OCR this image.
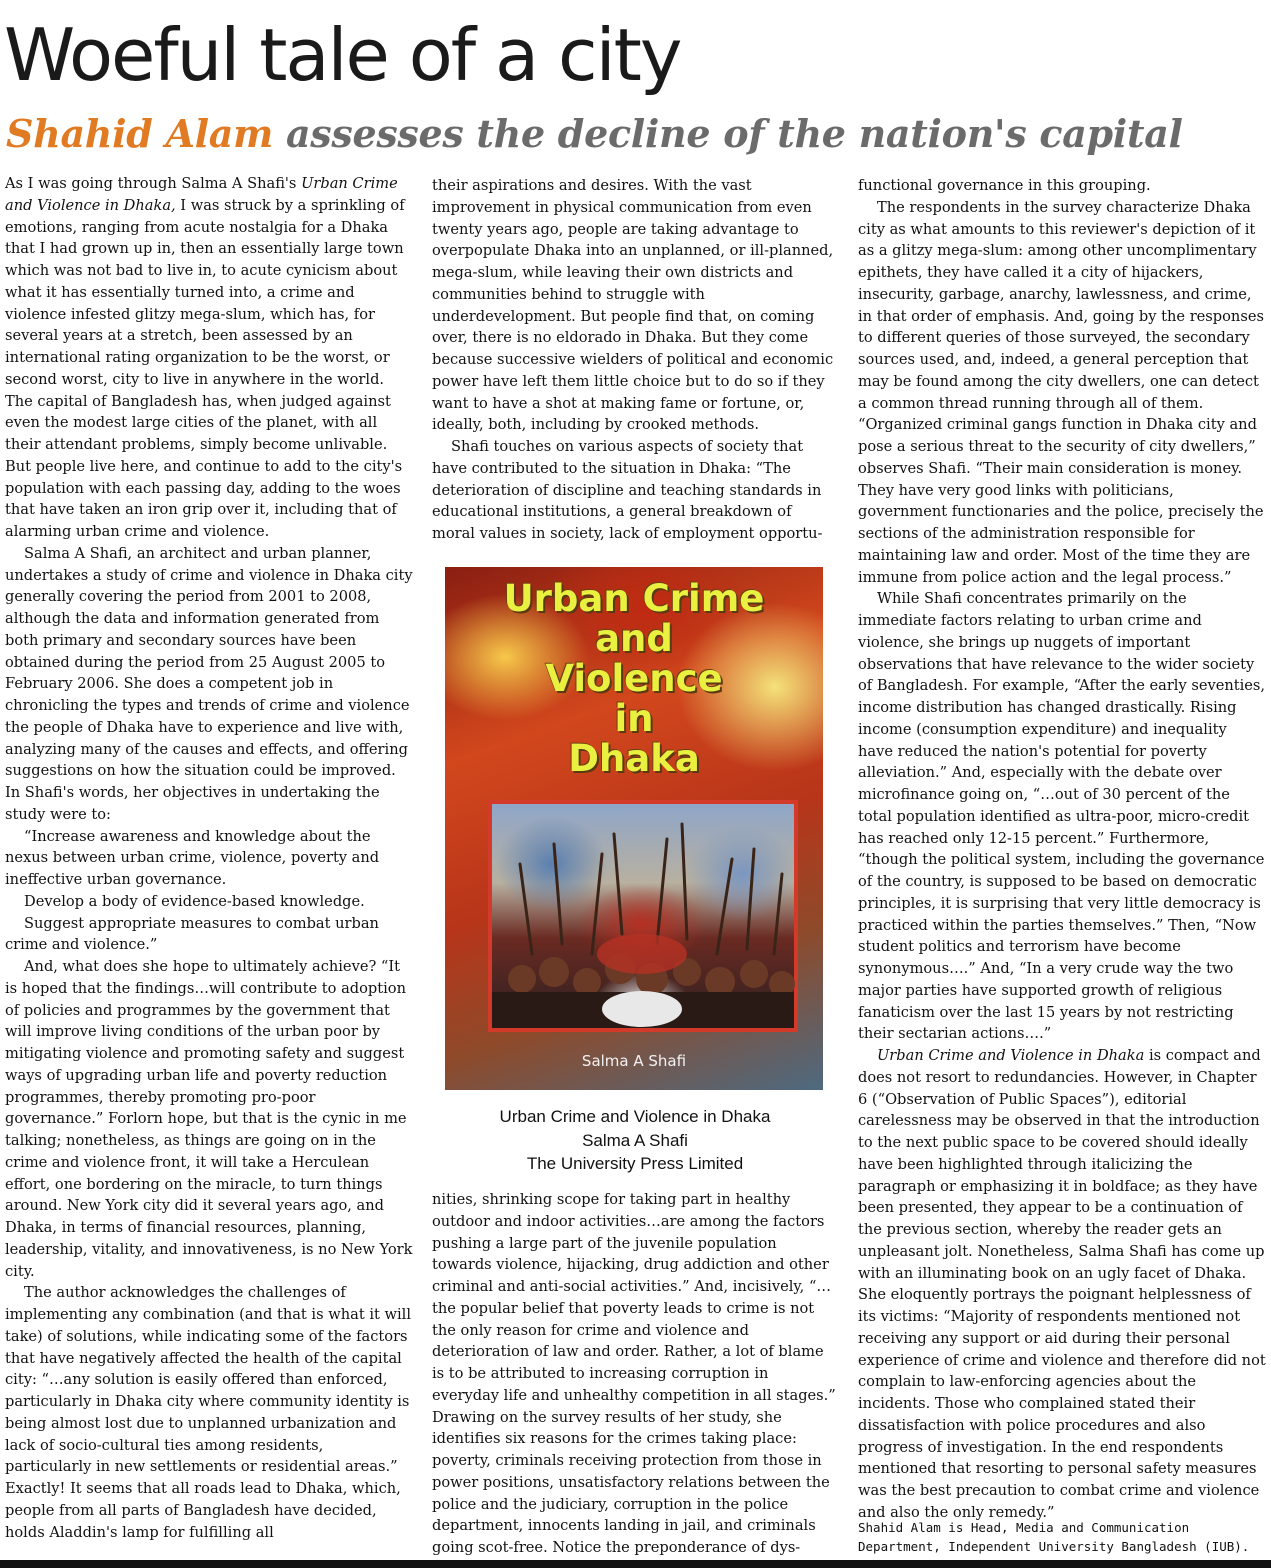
Woeful tale of a city
Shahid Alam assesses the decline of the nation's capital

As I was going through Salma A Shafi's Urban Crime and Violence in Dhaka, I was struck by a sprinkling of emotions, ranging from acute nostalgia for a Dhaka that I had grown up in, then an essentially large town which was not bad to live in, to acute cynicism about what it has essentially turned into, a crime and violence infested glitzy mega-slum, which has, for several years at a stretch, been assessed by an international rating organization to be the worst, or second worst, city to live in anywhere in the world. The capital of Bangladesh has, when judged against even the modest large cities of the planet, with all their attendant problems, simply become unlivable. But people live here, and continue to add to the city's population with each passing day, adding to the woes that have taken an iron grip over it, including that of alarming urban crime and violence.

Salma A Shafi, an architect and urban planner, undertakes a study of crime and violence in Dhaka city generally covering the period from 2001 to 2008, although the data and information generated from both primary and secondary sources have been obtained during the period from 25 August 2005 to February 2006. She does a competent job in chronicling the types and trends of crime and violence the people of Dhaka have to experience and live with, analyzing many of the causes and effects, and offering suggestions on how the situation could be improved. In Shafi's words, her objectives in undertaking the study were to:

“Increase awareness and knowledge about the nexus between urban crime, violence, poverty and ineffective urban governance.

Develop a body of evidence-based knowledge.

Suggest appropriate measures to combat urban crime and violence.”

And, what does she hope to ultimately achieve? “It is hoped that the findings…will contribute to adoption of policies and programmes by the government that will improve living conditions of the urban poor by mitigating violence and promoting safety and suggest ways of upgrading urban life and poverty reduction programmes, thereby promoting pro-poor governance.” Forlorn hope, but that is the cynic in me talking; nonetheless, as things are going on in the crime and violence front, it will take a Herculean effort, one bordering on the miracle, to turn things around. New York city did it several years ago, and Dhaka, in terms of financial resources, planning, leadership, vitality, and innovativeness, is no New York city.

The author acknowledges the challenges of implementing any combination (and that is what it will take) of solutions, while indicating some of the factors that have negatively affected the health of the capital city: “…any solution is easily offered than enforced, particularly in Dhaka city where community identity is being almost lost due to unplanned urbanization and lack of socio-cultural ties among residents, particularly in new settlements or residential areas.” Exactly! It seems that all roads lead to Dhaka, which, people from all parts of Bangladesh have decided, holds Aladdin's lamp for fulfilling all

their aspirations and desires. With the vast improvement in physical communication from even twenty years ago, people are taking advantage to overpopulate Dhaka into an unplanned, or ill-planned, mega-slum, while leaving their own districts and communities behind to struggle with underdevelopment. But people find that, on coming over, there is no eldorado in Dhaka. But they come because successive wielders of political and economic power have left them little choice but to do so if they want to have a shot at making fame or fortune, or, ideally, both, including by crooked methods.

Shafi touches on various aspects of society that have contributed to the situation in Dhaka: “The deterioration of discipline and teaching standards in educational institutions, a general breakdown of moral values in society, lack of employment opportu-

Urban Crime
and
Violence
in
Dhaka
Salma A Shafi
Urban Crime and Violence in Dhaka
Salma A Shafi
The University Press Limited

nities, shrinking scope for taking part in healthy outdoor and indoor activities…are among the factors pushing a large part of the juvenile population towards violence, hijacking, drug addiction and other criminal and anti-social activities.” And, incisively, “…the popular belief that poverty leads to crime is not the only reason for crime and violence and deterioration of law and order. Rather, a lot of blame is to be attributed to increasing corruption in everyday life and unhealthy competition in all stages.” Drawing on the survey results of her study, she identifies six reasons for the crimes taking place: poverty, criminals receiving protection from those in power positions, unsatisfactory relations between the police and the judiciary, corruption in the police department, innocents landing in jail, and criminals going scot-free. Notice the preponderance of dys-

functional governance in this grouping.

The respondents in the survey characterize Dhaka city as what amounts to this reviewer's depiction of it as a glitzy mega-slum: among other uncomplimentary epithets, they have called it a city of hijackers, insecurity, garbage, anarchy, lawlessness, and crime, in that order of emphasis. And, going by the responses to different queries of those surveyed, the secondary sources used, and, indeed, a general perception that may be found among the city dwellers, one can detect a common thread running through all of them. “Organized criminal gangs function in Dhaka city and pose a serious threat to the security of city dwellers,” observes Shafi. “Their main consideration is money. They have very good links with politicians, government functionaries and the police, precisely the sections of the administration responsible for maintaining law and order. Most of the time they are immune from police action and the legal process.”

While Shafi concentrates primarily on the immediate factors relating to urban crime and violence, she brings up nuggets of important observations that have relevance to the wider society of Bangladesh. For example, “After the early seventies, income distribution has changed drastically. Rising income (consumption expenditure) and inequality have reduced the nation's potential for poverty alleviation.” And, especially with the debate over microfinance going on, “…out of 30 percent of the total population identified as ultra-poor, micro-credit has reached only 12-15 percent.” Furthermore, “though the political system, including the governance of the country, is supposed to be based on democratic principles, it is surprising that very little democracy is practiced within the parties themselves.” Then, “Now student politics and terrorism have become synonymous….” And, “In a very crude way the two major parties have supported growth of religious fanaticism over the last 15 years by not restricting their sectarian actions….”

Urban Crime and Violence in Dhaka is compact and does not resort to redundancies. However, in Chapter 6 (“Observation of Public Spaces”), editorial carelessness may be observed in that the introduction to the next public space to be covered should ideally have been highlighted through italicizing the paragraph or emphasizing it in boldface; as they have been presented, they appear to be a continuation of the previous section, whereby the reader gets an unpleasant jolt. Nonetheless, Salma Shafi has come up with an illuminating book on an ugly facet of Dhaka. She eloquently portrays the poignant helplessness of its victims: “Majority of respondents mentioned not receiving any support or aid during their personal experience of crime and violence and therefore did not complain to law-enforcing agencies about the incidents. Those who complained stated their dissatisfaction with police procedures and also progress of investigation. In the end respondents mentioned that resorting to personal safety measures was the best precaution to combat crime and violence and also the only remedy.”

Shahid Alam is Head, Media and Communication
Department, Independent University Bangladesh (IUB).
